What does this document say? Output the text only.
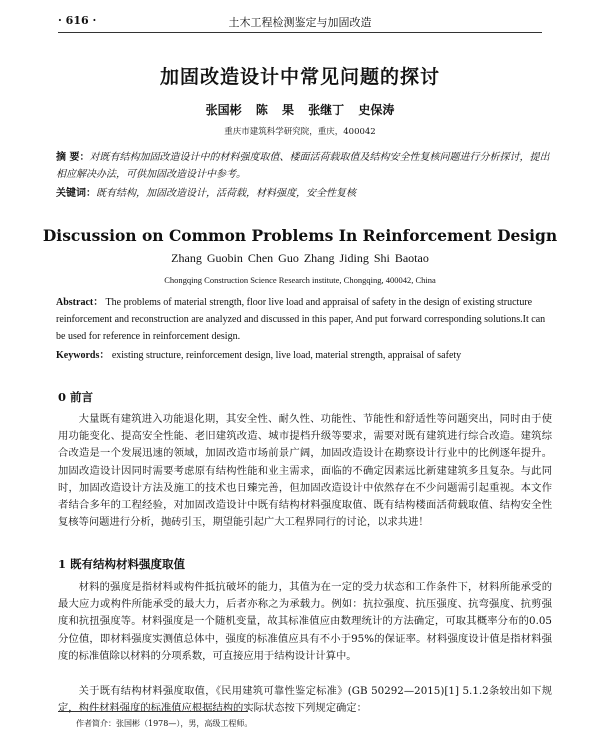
· 616 ·	土木工程检测鉴定与加固改造
加固改造设计中常见问题的探讨
张国彬 陈 果 张继丁 史保涛
重庆市建筑科学研究院，重庆，400042
摘 要：对既有结构加固改造设计中的材料强度取值、楼面活荷载取值及结构安全性复核问题进行分析探讨，提出相应解决办法，可供加固改造设计中参考。
关键词：既有结构，加固改造设计，活荷载，材料强度，安全性复核
Discussion on Common Problems In Reinforcement Design
Zhang Guobin Chen Guo Zhang Jiding Shi Baotao
Chongqing Construction Science Research institute, Chongqing, 400042, China
Abstract： The problems of material strength, floor live load and appraisal of safety in the design of existing structure reinforcement and reconstruction are analyzed and discussed in this paper, And put forward corresponding solutions.It can be used for reference in reinforcement design.
Keywords： existing structure, reinforcement design, live load, material strength, appraisal of safety
0 前言
大量既有建筑进入功能退化期，其安全性、耐久性、功能性、节能性和舒适性等问题突出，同时由于使用功能变化、提高安全性能、老旧建筑改造、城市提档升级等要求，需要对既有建筑进行综合改造。建筑综合改造是一个发展迅速的领域，加固改造市场前景广阔，加固改造设计在勘察设计行业中的比例逐年提升。加固改造设计因同时需要考虑原有结构性能和业主需求，面临的不确定因素远比新建建筑多且复杂。与此同时，加固改造设计方法及施工的技术也日臻完善，但加固改造设计中依然存在不少问题需引起重视。本文作者结合多年的工程经验，对加固改造设计中既有结构材料强度取值、既有结构楼面活荷载取值、结构安全性复核等问题进行分析，抛砖引玉，期望能引起广大工程界同行的讨论，以求共进！
1 既有结构材料强度取值
材料的强度是指材料或构件抵抗破坏的能力，其值为在一定的受力状态和工作条件下，材料所能承受的最大应力或构件所能承受的最大力，后者亦称之为承载力。例如：抗拉强度、抗压强度、抗弯强度、抗剪强度和抗扭强度等。材料强度是一个随机变量，故其标准值应由数理统计的方法确定，可取其概率分布的0.05分位值，即材料强度实测值总体中，强度的标准值应具有不小于95%的保证率。材料强度设计值是指材料强度的标准值除以材料的分项系数，可直接应用于结构设计计算中。
关于既有结构材料强度取值，《民用建筑可靠性鉴定标准》(GB 50292—2015)[1] 5.1.2条较出如下规定，构件材料强度的标准值应根据结构的实际状态按下列规定确定：
作者简介：张国彬（1978—），男，高级工程师。
